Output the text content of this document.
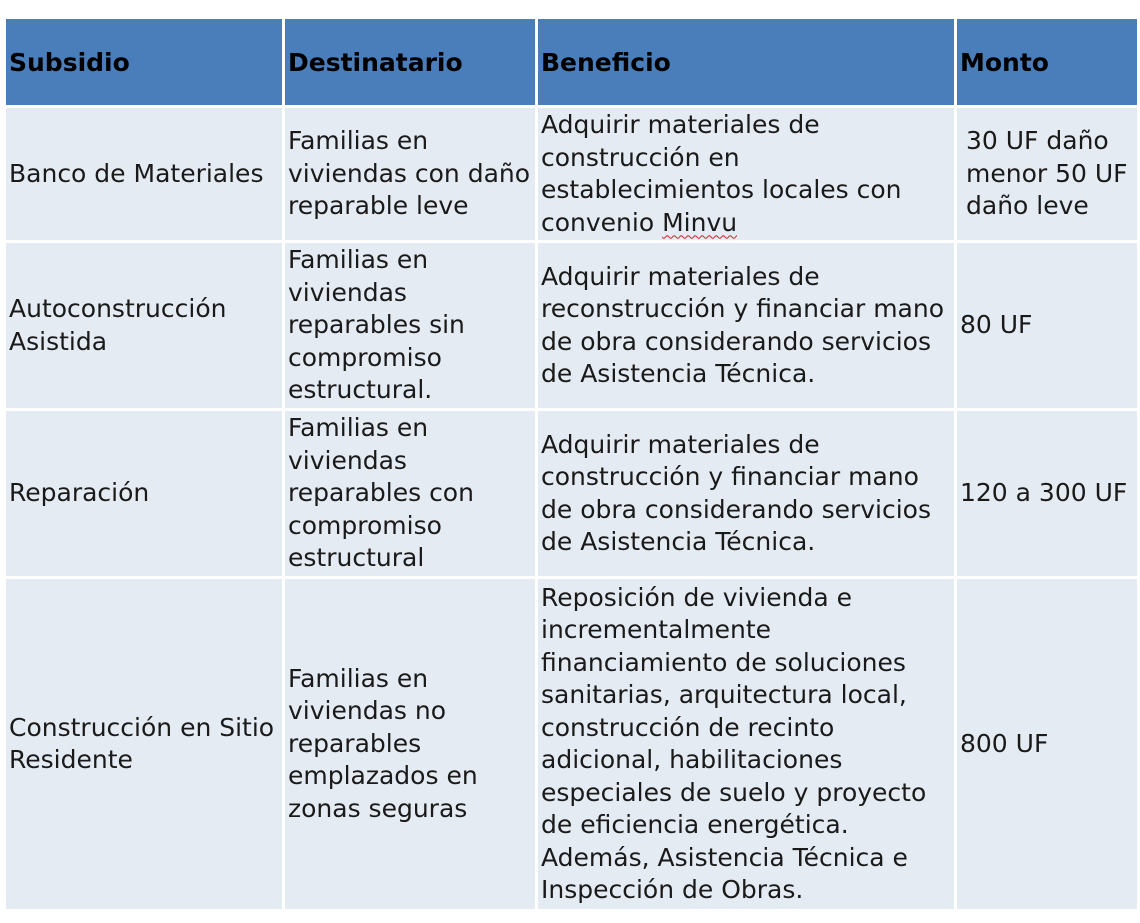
Subsidio	Destinatario	Beneficio	Monto

Banco de Materiales	Familias en viviendas con daño reparable leve	Adquirir materiales de construcción en establecimientos locales con convenio Minvu	30 UF daño menor 50 UF daño leve

Autoconstrucción Asistida	Familias en viviendas reparables sin compromiso estructural.	Adquirir materiales de reconstrucción y financiar mano de obra considerando servicios de Asistencia Técnica.	80 UF

Reparación	Familias en viviendas reparables con compromiso estructural	Adquirir materiales de construcción y financiar mano de obra considerando servicios de Asistencia Técnica.	120 a 300 UF

Construcción en Sitio Residente	Familias en viviendas no reparables emplazados en zonas seguras	Reposición de vivienda e incrementalmente financiamiento de soluciones sanitarias, arquitectura local, construcción de recinto adicional, habilitaciones especiales de suelo y proyecto de eficiencia energética. Además, Asistencia Técnica e Inspección de Obras.	800 UF
